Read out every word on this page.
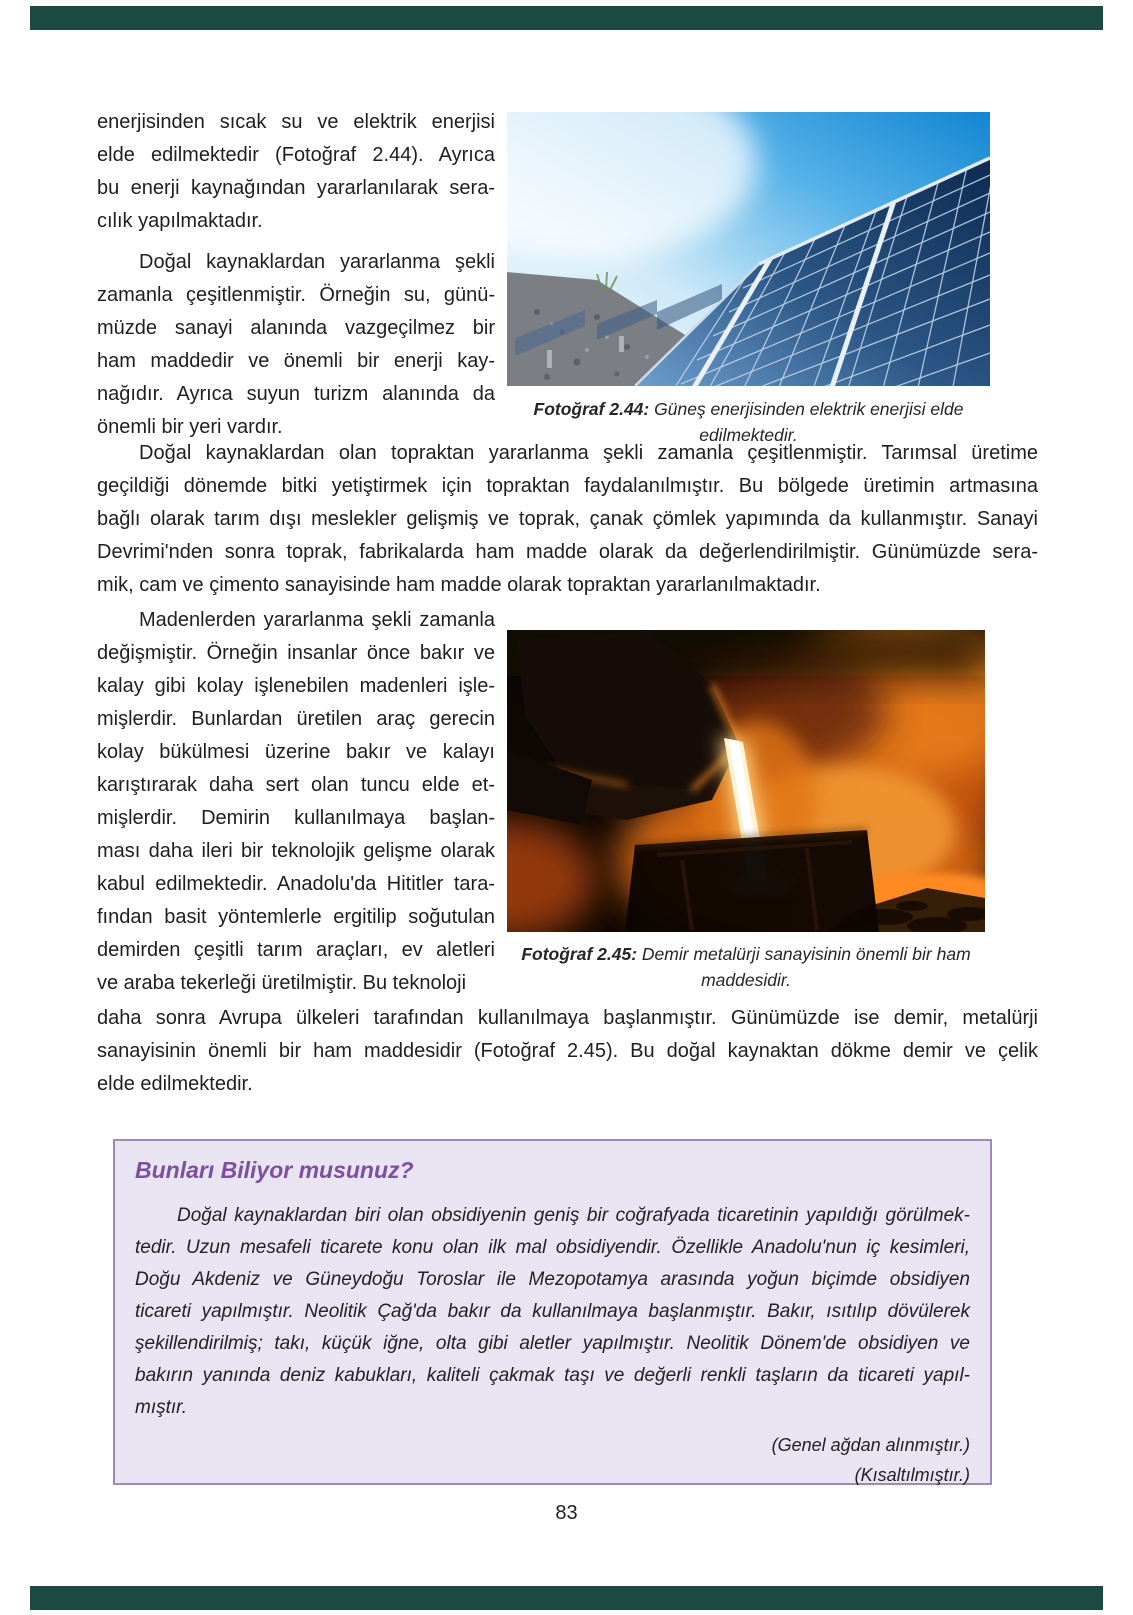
enerjisinden sıcak su ve elektrik enerjisi
elde edilmektedir (Fotoğraf 2.44). Ayrıca
bu enerji kaynağından yararlanılarak sera-
cılık yapılmaktadır.
Doğal kaynaklardan yararlanma şekli
zamanla çeşitlenmiştir. Örneğin su, günü-
müzde sanayi alanında vazgeçilmez bir
ham maddedir ve önemli bir enerji kay-
nağıdır. Ayrıca suyun turizm alanında da
önemli bir yeri vardır.
Fotoğraf 2.44: Güneş enerjisinden elektrik enerjisi elde edilmektedir.
Doğal kaynaklardan olan topraktan yararlanma şekli zamanla çeşitlenmiştir. Tarımsal üretime
geçildiği dönemde bitki yetiştirmek için topraktan faydalanılmıştır. Bu bölgede üretimin artmasına
bağlı olarak tarım dışı meslekler gelişmiş ve toprak, çanak çömlek yapımında da kullanmıştır. Sanayi
Devrimi'nden sonra toprak, fabrikalarda ham madde olarak da değerlendirilmiştir. Günümüzde sera-
mik, cam ve çimento sanayisinde ham madde olarak topraktan yararlanılmaktadır.
Madenlerden yararlanma şekli zamanla
değişmiştir. Örneğin insanlar önce bakır ve
kalay gibi kolay işlenebilen madenleri işle-
mişlerdir. Bunlardan üretilen araç gerecin
kolay bükülmesi üzerine bakır ve kalayı
karıştırarak daha sert olan tuncu elde et-
mişlerdir. Demirin kullanılmaya başlan-
ması daha ileri bir teknolojik gelişme olarak
kabul edilmektedir. Anadolu'da Hititler tara-
fından basit yöntemlerle ergitilip soğutulan
demirden çeşitli tarım araçları, ev aletleri
ve araba tekerleği üretilmiştir. Bu teknoloji
Fotoğraf 2.45: Demir metalürji sanayisinin önemli bir ham maddesidir.
daha sonra Avrupa ülkeleri tarafından kullanılmaya başlanmıştır. Günümüzde ise demir, metalürji
sanayisinin önemli bir ham maddesidir (Fotoğraf 2.45). Bu doğal kaynaktan dökme demir ve çelik
elde edilmektedir.
Bunları Biliyor musunuz?
Doğal kaynaklardan biri olan obsidiyenin geniş bir coğrafyada ticaretinin yapıldığı görülmek-
tedir. Uzun mesafeli ticarete konu olan ilk mal obsidiyendir. Özellikle Anadolu'nun iç kesimleri,
Doğu Akdeniz ve Güneydoğu Toroslar ile Mezopotamya arasında yoğun biçimde obsidiyen
ticareti yapılmıştır. Neolitik Çağ'da bakır da kullanılmaya başlanmıştır. Bakır, ısıtılıp dövülerek
şekillendirilmiş; takı, küçük iğne, olta gibi aletler yapılmıştır. Neolitik Dönem'de obsidiyen ve
bakırın yanında deniz kabukları, kaliteli çakmak taşı ve değerli renkli taşların da ticareti yapıl-
mıştır.
(Genel ağdan alınmıştır.)
(Kısaltılmıştır.)
83
